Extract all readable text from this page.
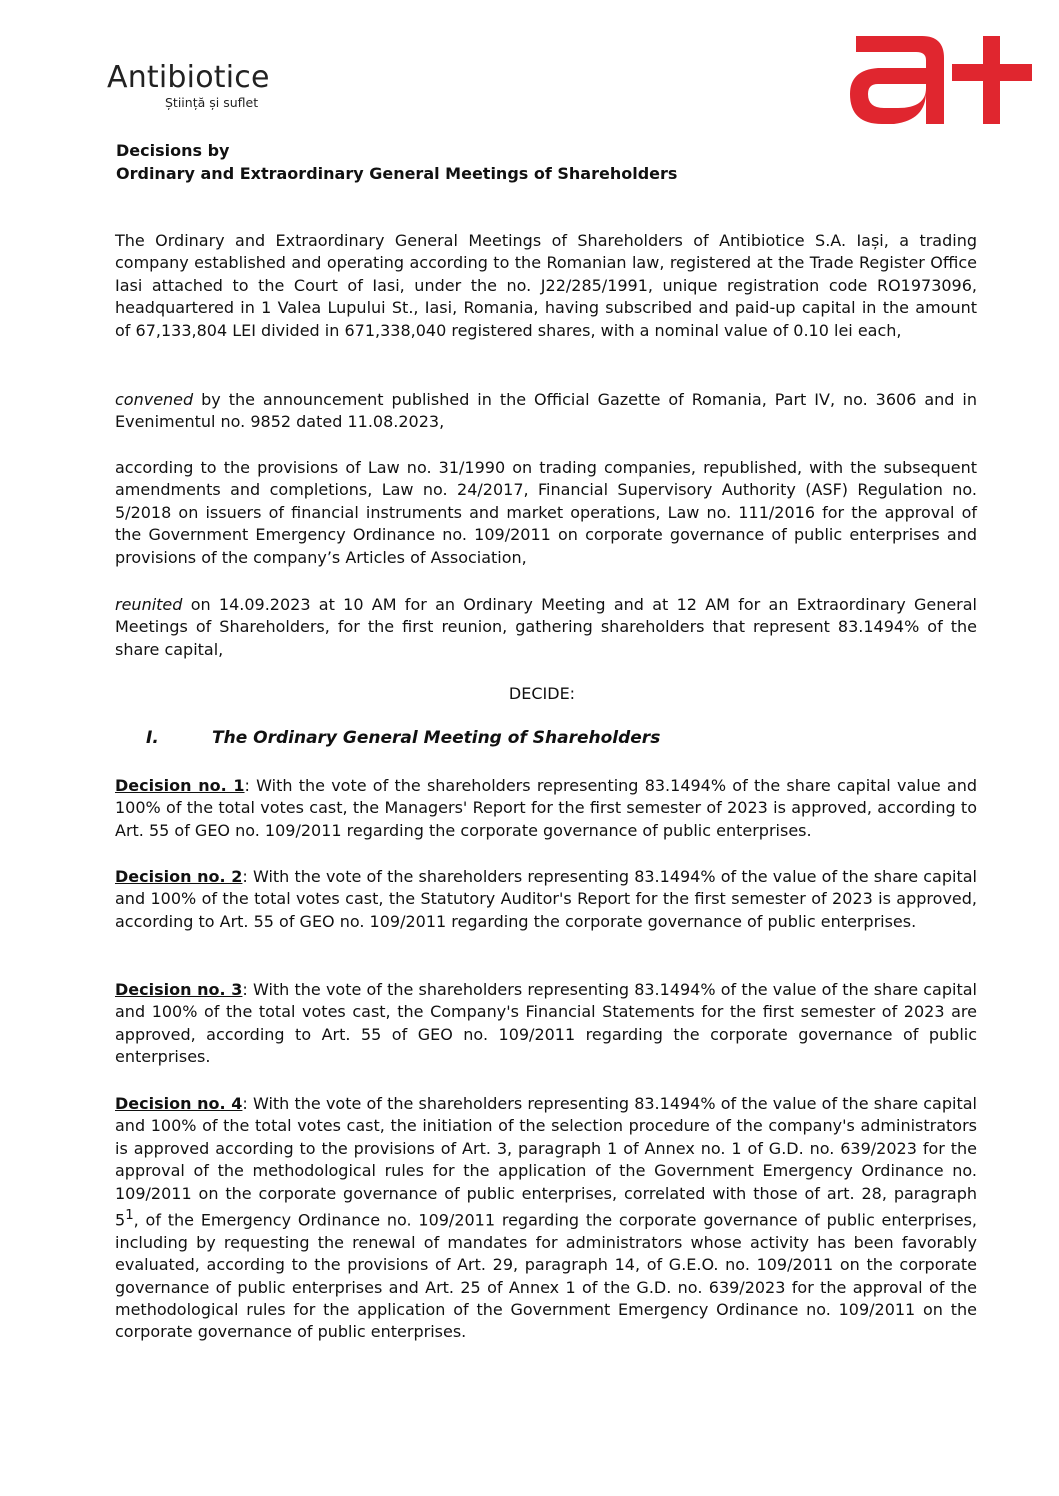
Antibiotice
Știință și suflet
Decisions by
Ordinary and Extraordinary General Meetings of Shareholders

The Ordinary and Extraordinary General Meetings of Shareholders of Antibiotice S.A. Iași, a trading company established and operating according to the Romanian law, registered at the Trade Register Office Iasi attached to the Court of Iasi, under the no. J22/285/1991, unique registration code RO1973096, headquartered in 1 Valea Lupului St., Iasi, Romania, having subscribed and paid-up capital in the amount of 67,133,804 LEI divided in 671,338,040 registered shares, with a nominal value of 0.10 lei each,

convened by the announcement published in the Official Gazette of Romania, Part IV, no. 3606 and in Evenimentul no. 9852 dated 11.08.2023,

according to the provisions of Law no. 31/1990 on trading companies, republished, with the subsequent amendments and completions, Law no. 24/2017, Financial Supervisory Authority (ASF) Regulation no. 5/2018 on issuers of financial instruments and market operations, Law no. 111/2016 for the approval of the Government Emergency Ordinance no. 109/2011 on corporate governance of public enterprises and provisions of the company’s Articles of Association,

reunited on 14.09.2023 at 10 AM for an Ordinary Meeting and at 12 AM for an Extraordinary General Meetings of Shareholders, for the first reunion, gathering shareholders that represent 83.1494% of the share capital,

DECIDE:
I.	The Ordinary General Meeting of Shareholders

Decision no. 1: With the vote of the shareholders representing 83.1494% of the share capital value and 100% of the total votes cast, the Managers' Report for the first semester of 2023 is approved, according to Art. 55 of GEO no. 109/2011 regarding the corporate governance of public enterprises.

Decision no. 2: With the vote of the shareholders representing 83.1494% of the value of the share capital and 100% of the total votes cast, the Statutory Auditor's Report for the first semester of 2023 is approved, according to Art. 55 of GEO no. 109/2011 regarding the corporate governance of public enterprises.

Decision no. 3: With the vote of the shareholders representing 83.1494% of the value of the share capital and 100% of the total votes cast, the Company's Financial Statements for the first semester of 2023 are approved, according to Art. 55 of GEO no. 109/2011 regarding the corporate governance of public enterprises.

Decision no. 4: With the vote of the shareholders representing 83.1494% of the value of the share capital and 100% of the total votes cast, the initiation of the selection procedure of the company's administrators is approved according to the provisions of Art. 3, paragraph 1 of Annex no. 1 of G.D. no. 639/2023 for the approval of the methodological rules for the application of the Government Emergency Ordinance no. 109/2011 on the corporate governance of public enterprises, correlated with those of art. 28, paragraph $5^1$, of the Emergency Ordinance no. 109/2011 regarding the corporate governance of public enterprises, including by requesting the renewal of mandates for administrators whose activity has been favorably evaluated, according to the provisions of Art. 29, paragraph 14, of G.E.O. no. 109/2011 on the corporate governance of public enterprises and Art. 25 of Annex 1 of the G.D. no. 639/2023 for the approval of the methodological rules for the application of the Government Emergency Ordinance no. 109/2011 on the corporate governance of public enterprises.
